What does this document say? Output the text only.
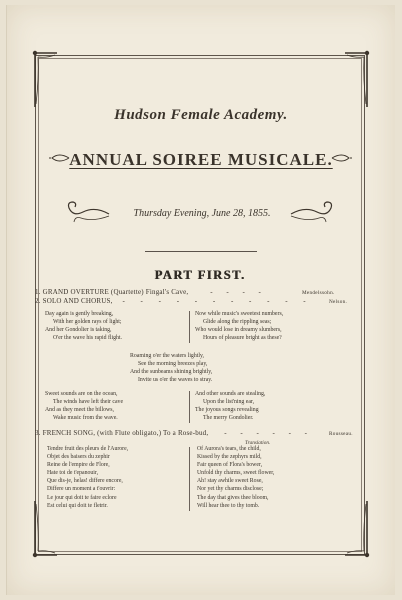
Hudson Female Academy.
ANNUAL SOIREE MUSICALE.
Thursday Evening, June 28, 1855.
PART FIRST.
1. GRAND OVERTURE (Quartette) Fingal's Cave,	- - - -	Mendelssohn.
2. SOLO AND CHORUS, - - - - - - - - - - -	Nelson.
Day again is gently breaking,
With her golden rays of light;
And her Gondolier is taking,
O'er the wave his rapid flight.
Now while music's sweetest numbers,
Glide along the rippling seas;
Who would lose in dreamy slumbers,
Hours of pleasure bright as these?
Roaming o'er the waters lightly,
See the morning breezes play,
And the sunbeams shining brightly,
Invite us o'er the waves to stray.
Sweet sounds are on the ocean,
The winds have left their cave
And as they meet the billows,
Wake music from the wave.
And other sounds are stealing,
Upon the list'ning ear,
The joyous songs revealing
The merry Gondolier.
3. FRENCH SONG, (with Flute obligato,) To a Rose-bud, - - - - - -	Rousseau.
Translation.
Tendre fruit des pleurs de l'Aurore,
Objet des baisers du zephir
Reine de l'empire de Flore,
Hate toi de t'epanouir,
Que dis-je, helas! differe encore,
Differe un moment a t'ouvrir:
Le jour qui doit te faire eclore
Est celui qui doit te fletrir.
Of Aurora's tears, the child,
Kissed by the zephyrs mild,
Fair queen of Flora's bower,
Unfold thy charms, sweet flower,
Ah! stay awhile sweet Rose,
Nor yet thy charms disclose;
The day that gives thee bloom,
Will hear thee to thy tomb.
